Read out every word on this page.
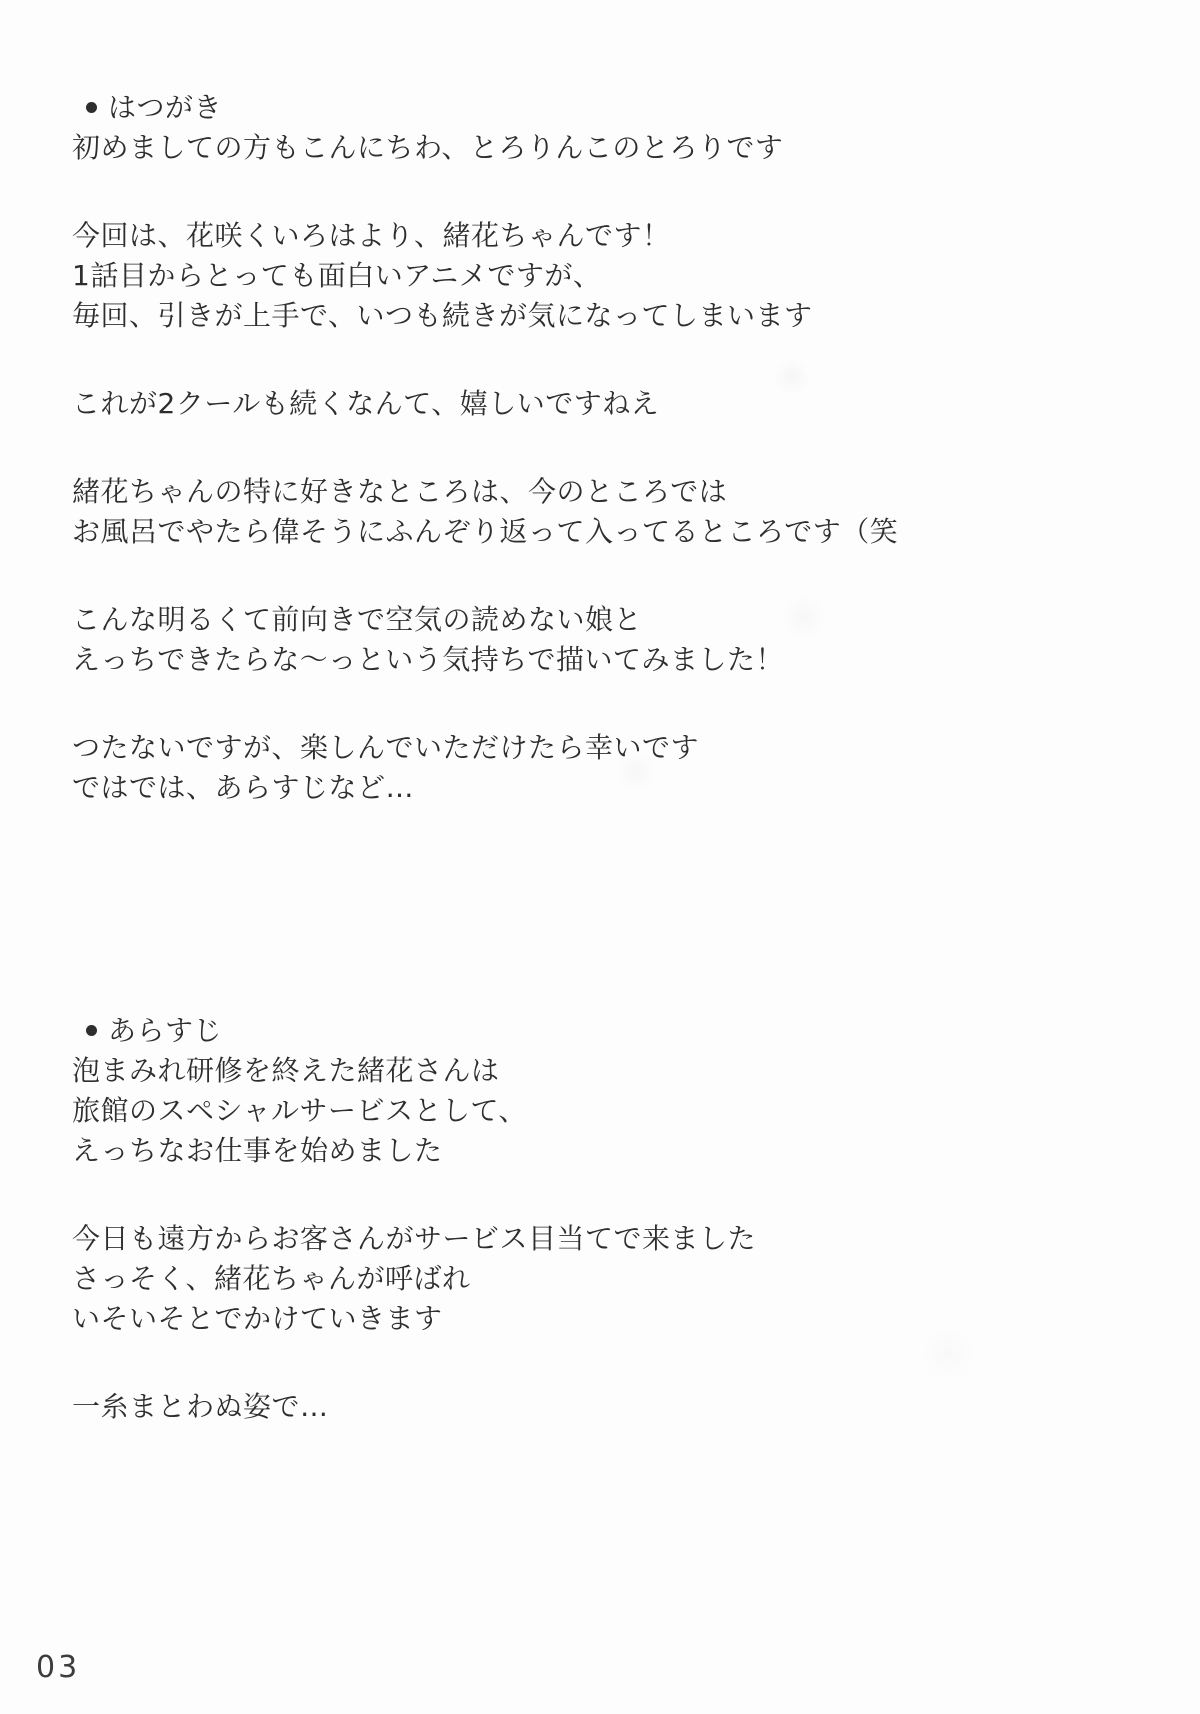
はつがき
初めましての方もこんにちわ、とろりんこのとろりです
今回は、花咲くいろはより、緒花ちゃんです！
1話目からとっても面白いアニメですが、
毎回、引きが上手で、いつも続きが気になってしまいます
これが2クールも続くなんて、嬉しいですねえ
緒花ちゃんの特に好きなところは、今のところでは
お風呂でやたら偉そうにふんぞり返って入ってるところです（笑
こんな明るくて前向きで空気の読めない娘と
えっちできたらな～っという気持ちで描いてみました！
つたないですが、楽しんでいただけたら幸いです
ではでは、あらすじなど…
あらすじ
泡まみれ研修を終えた緒花さんは
旅館のスペシャルサービスとして、
えっちなお仕事を始めました
今日も遠方からお客さんがサービス目当てで来ました
さっそく、緒花ちゃんが呼ばれ
いそいそとでかけていきます
一糸まとわぬ姿で…
03
